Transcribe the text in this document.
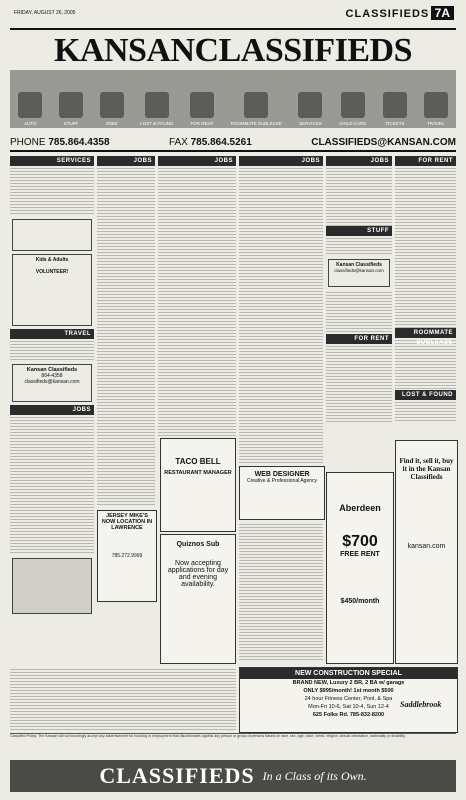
FRIDAY, AUGUST 26, 2005	CLASSIFIEDS 7A
KANSANCLASSIFIEDS
AUTO	STUFF	JOBS	LOST & FOUND	FOR RENT	ROOMMATE SUBLEASE	SERVICES	CHILD CARE	TICKETS	TRAVEL
PHONE 785.864.4358	FAX 785.864.5261	CLASSIFIEDS@KANSAN.COM
SERVICES
Kids & Adults
VOLUNTEER!
TRAVEL
Kansan Classifieds
864-4358
classifieds@kansan.com
JOBS
JOBS
JERSEY MIKE'S NOW LOCATION IN LAWRENCE
785.272.9999
JOBS
TACO BELL
RESTAURANT MANAGER
Quiznos Sub
Now accepting applications for day and evening availability.
JOBS
WEB DESIGNER
Creative & Professional Agency
JOBS
STUFF
Kansan Classifieds
classifieds@kansan.com
FOR RENT
Aberdeen
$700
FREE RENT
$450/month
FOR RENT
ROOMMATE SUBLEASE
LOST & FOUND
Find it, sell it, buy it in the Kansan Classifieds
kansan.com
NEW CONSTRUCTION SPECIAL
BRAND NEW, Luxury 2 BR, 2 BA w/ garage
ONLY $995/month! 1st month $500
24 hour Fitness Center, Pool, & Spa
Mon-Fri 10-6, Sat 10-4, Sun 12-4
625 Folks Rd. 785-832-8200
Saddlebrook
Classified Policy: The Kansan will not knowingly accept any advertisement for housing or employment that discriminates against any person or group of persons based on race, sex, age, color, creed, religion, sexual orientation, nationality or disability.
CLASSIFIEDS In a Class of its Own.
